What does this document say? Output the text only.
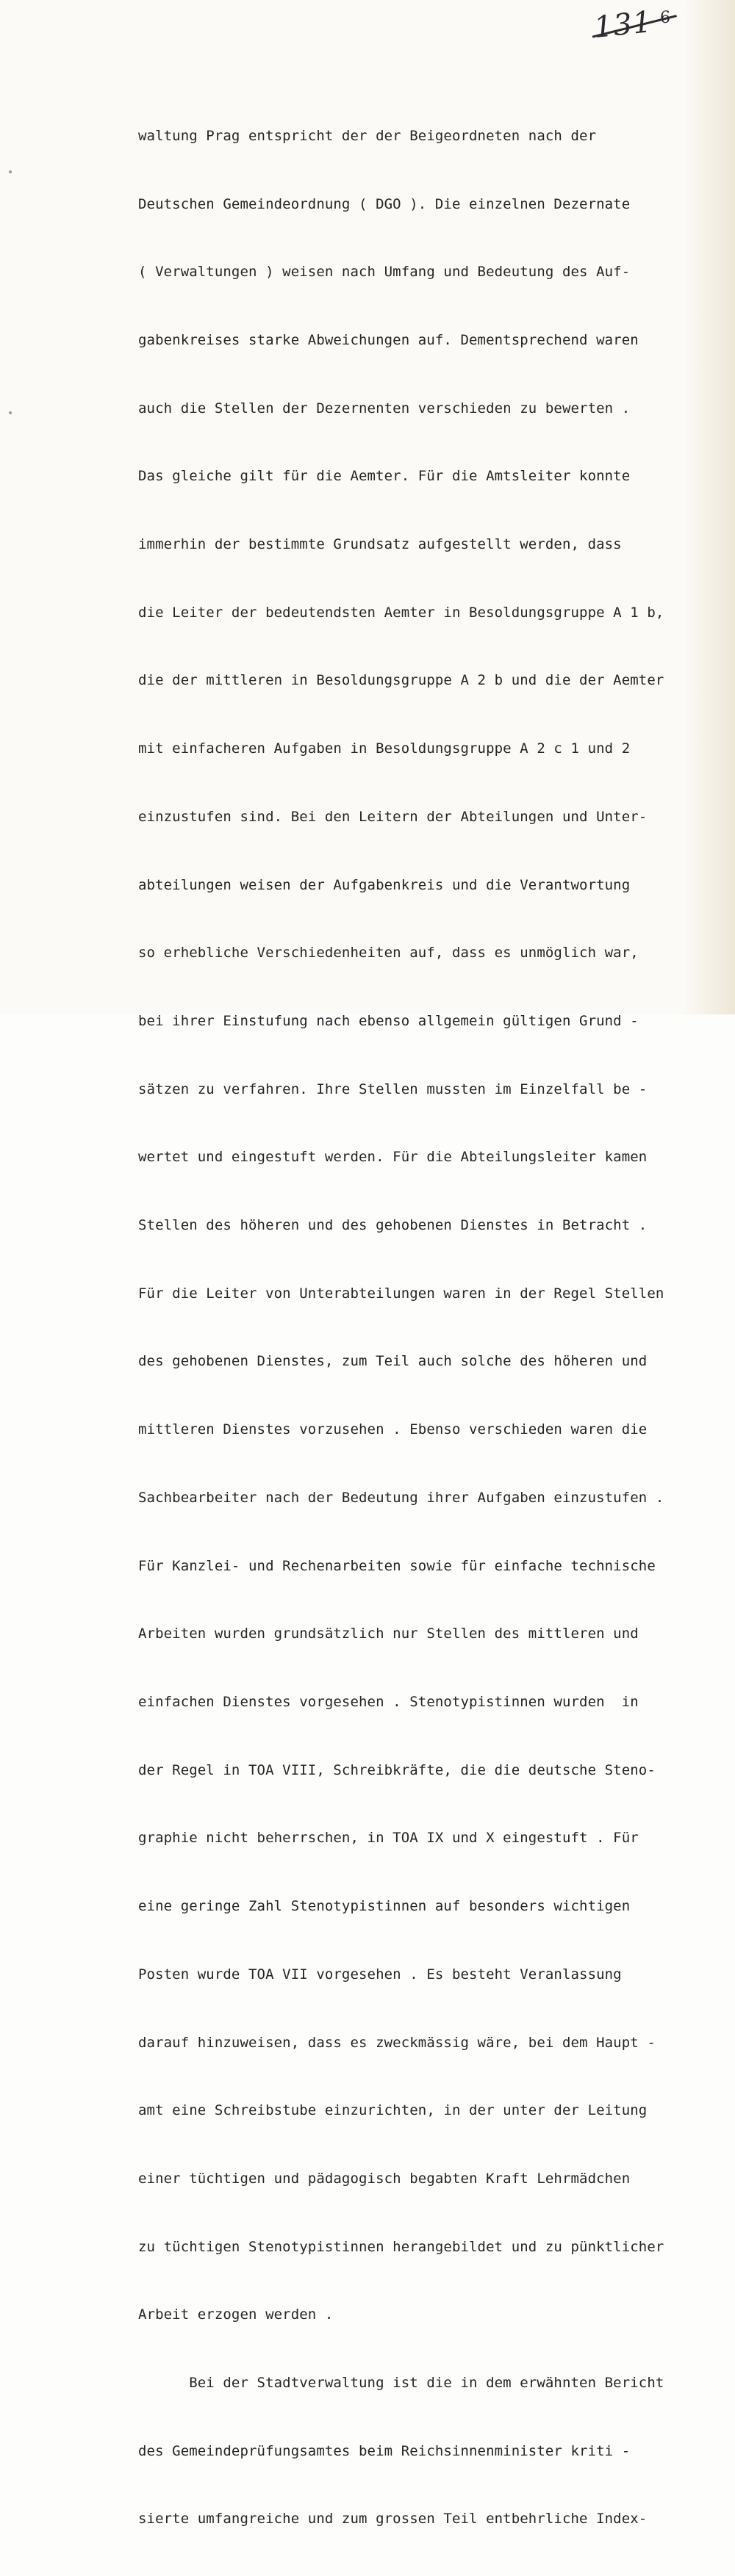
131 6

waltung Prag entspricht der der Beigeordneten nach der

Deutschen Gemeindeordnung ( DGO ). Die einzelnen Dezernate

( Verwaltungen ) weisen nach Umfang und Bedeutung des Auf-

gabenkreises starke Abweichungen auf. Dementsprechend waren

auch die Stellen der Dezernenten verschieden zu bewerten .

Das gleiche gilt für die Aemter. Für die Amtsleiter konnte

immerhin der bestimmte Grundsatz aufgestellt werden, dass

die Leiter der bedeutendsten Aemter in Besoldungsgruppe A 1 b,

die der mittleren in Besoldungsgruppe A 2 b und die der Aemter

mit einfacheren Aufgaben in Besoldungsgruppe A 2 c 1 und 2

einzustufen sind. Bei den Leitern der Abteilungen und Unter-

abteilungen weisen der Aufgabenkreis und die Verantwortung

so erhebliche Verschiedenheiten auf, dass es unmöglich war,

bei ihrer Einstufung nach ebenso allgemein gültigen Grund -

sätzen zu verfahren. Ihre Stellen mussten im Einzelfall be -

wertet und eingestuft werden. Für die Abteilungsleiter kamen

Stellen des höheren und des gehobenen Dienstes in Betracht .

Für die Leiter von Unterabteilungen waren in der Regel Stellen

des gehobenen Dienstes, zum Teil auch solche des höheren und

mittleren Dienstes vorzusehen . Ebenso verschieden waren die

Sachbearbeiter nach der Bedeutung ihrer Aufgaben einzustufen .

Für Kanzlei- und Rechenarbeiten sowie für einfache technische

Arbeiten wurden grundsätzlich nur Stellen des mittleren und

einfachen Dienstes vorgesehen . Stenotypistinnen wurden  in

der Regel in TOA VIII, Schreibkräfte, die die deutsche Steno-

graphie nicht beherrschen, in TOA IX und X eingestuft . Für

eine geringe Zahl Stenotypistinnen auf besonders wichtigen

Posten wurde TOA VII vorgesehen . Es besteht Veranlassung

darauf hinzuweisen, dass es zweckmässig wäre, bei dem Haupt -

amt eine Schreibstube einzurichten, in der unter der Leitung

einer tüchtigen und pädagogisch begabten Kraft Lehrmädchen

zu tüchtigen Stenotypistinnen herangebildet und zu pünktlicher

Arbeit erzogen werden .

Bei der Stadtverwaltung ist die in dem erwähnten Bericht

des Gemeindeprüfungsamtes beim Reichsinnenminister kriti -

sierte umfangreiche und zum grossen Teil entbehrliche Index-
